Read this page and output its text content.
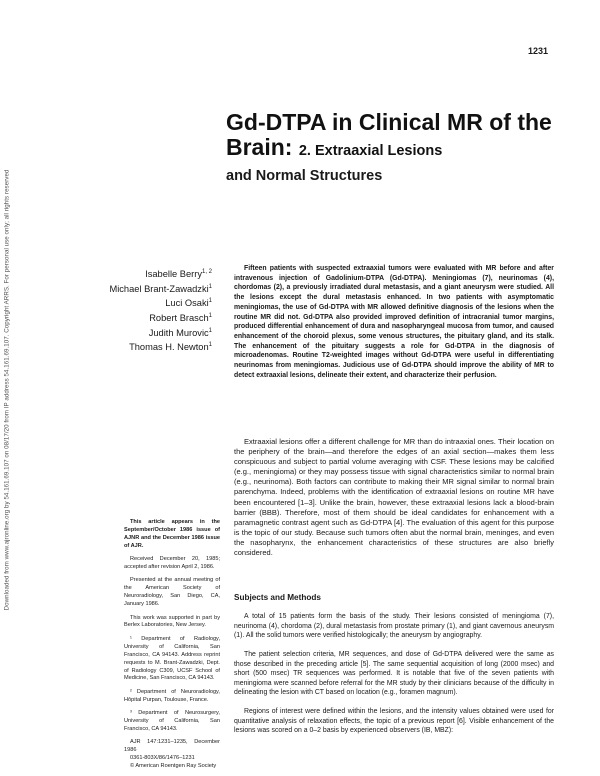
Downloaded from www.ajronline.org by 54.161.69.107 on 08/17/20 from IP address 54.161.69.107. Copyright ARRS. For personal use only; all rights reserved
1231
Gd-DTPA in Clinical MR of the Brain: 2. Extraaxial Lesions
and Normal Structures
Isabelle Berry$^{1, 2}$
Michael Brant-Zawadzki$^1$
Luci Osaki$^1$
Robert Brasch$^1$
Judith Murovic$^1$
Thomas H. Newton$^1$

Fifteen patients with suspected extraaxial tumors were evaluated with MR before and after intravenous injection of Gadolinium-DTPA (Gd-DTPA). Meningiomas (7), neurinomas (4), chordomas (2), a previously irradiated dural metastasis, and a giant aneurysm were studied. All the lesions except the dural metastasis enhanced. In two patients with asymptomatic meningiomas, the use of Gd-DTPA with MR allowed definitive diagnosis of the lesions when the routine MR did not. Gd-DTPA also provided improved definition of intracranial tumor margins, produced differential enhancement of dura and nasopharyngeal mucosa from tumor, and caused enhancement of the choroid plexus, some venous structures, the pituitary gland, and its stalk. The enhancement of the pituitary suggests a role for Gd-DTPA in the diagnosis of microadenomas. Routine T2-weighted images without Gd-DTPA were useful in differentiating neurinomas from meningiomas. Judicious use of Gd-DTPA should improve the ability of MR to detect extraaxial lesions, delineate their extent, and characterize their perfusion.

Extraaxial lesions offer a different challenge for MR than do intraaxial ones. Their location on the periphery of the brain—and therefore the edges of an axial section—makes them less conspicuous and subject to partial volume averaging with CSF. These lesions may be calcified (e.g., meningioma) or they may possess tissue with signal characteristics similar to normal brain (e.g., neurinoma). Both factors can contribute to making their MR signal similar to normal brain parenchyma. Indeed, problems with the identification of extraaxial lesions on routine MR have been encountered [1–3]. Unlike the brain, however, these extraaxial lesions lack a blood-brain barrier (BBB). Therefore, most of them should be ideal candidates for enhancement with a paramagnetic contrast agent such as Gd-DTPA [4]. The evaluation of this agent for this purpose is the topic of our study. Because such tumors often abut the normal brain, meninges, and even the nasopharynx, the enhancement characteristics of these structures are also briefly considered.

Subjects and Methods

A total of 15 patients form the basis of the study. Their lesions consisted of meningioma (7), neurinoma (4), chordoma (2), dural metastasis from prostate primary (1), and giant cavernous aneurysm (1). All the solid tumors were verified histologically; the aneurysm by angiography.

The patient selection criteria, MR sequences, and dose of Gd-DTPA delivered were the same as those described in the preceding article [5]. The same sequential acquisition of long (2000 msec) and short (500 msec) TR sequences was performed. It is notable that five of the seven patients with meningioma were scanned before referral for the MR study by their clinicians because of the difficulty in delineating the lesion with CT based on location (e.g., foramen magnum).

Regions of interest were defined within the lesions, and the intensity values obtained were used for quantitative analysis of relaxation effects, the topic of a previous report [6]. Visible enhancement of the lesions was scored on a 0–2 basis by experienced observers (IB, MBZ):

This article appears in the September/October 1986 issue of AJNR and the December 1986 issue of AJR.

Received December 20, 1985; accepted after revision April 2, 1986.

Presented at the annual meeting of the American Society of Neuroradiology, San Diego, CA, January 1986.

This work was supported in part by Berlex Laboratories, New Jersey.

¹ Department of Radiology, University of California, San Francisco, CA 94143. Address reprint requests to M. Brant-Zawadzki, Dept. of Radiology C309, UCSF School of Medicine, San Francisco, CA 94143.

² Department of Neuroradiology, Hôpital Purpan, Toulouse, France.

³ Department of Neurosurgery, University of California, San Francisco, CA 94143.

AJR 147:1231–1235, December 1986

0361-803X/86/1476–1231

© American Roentgen Ray Society
